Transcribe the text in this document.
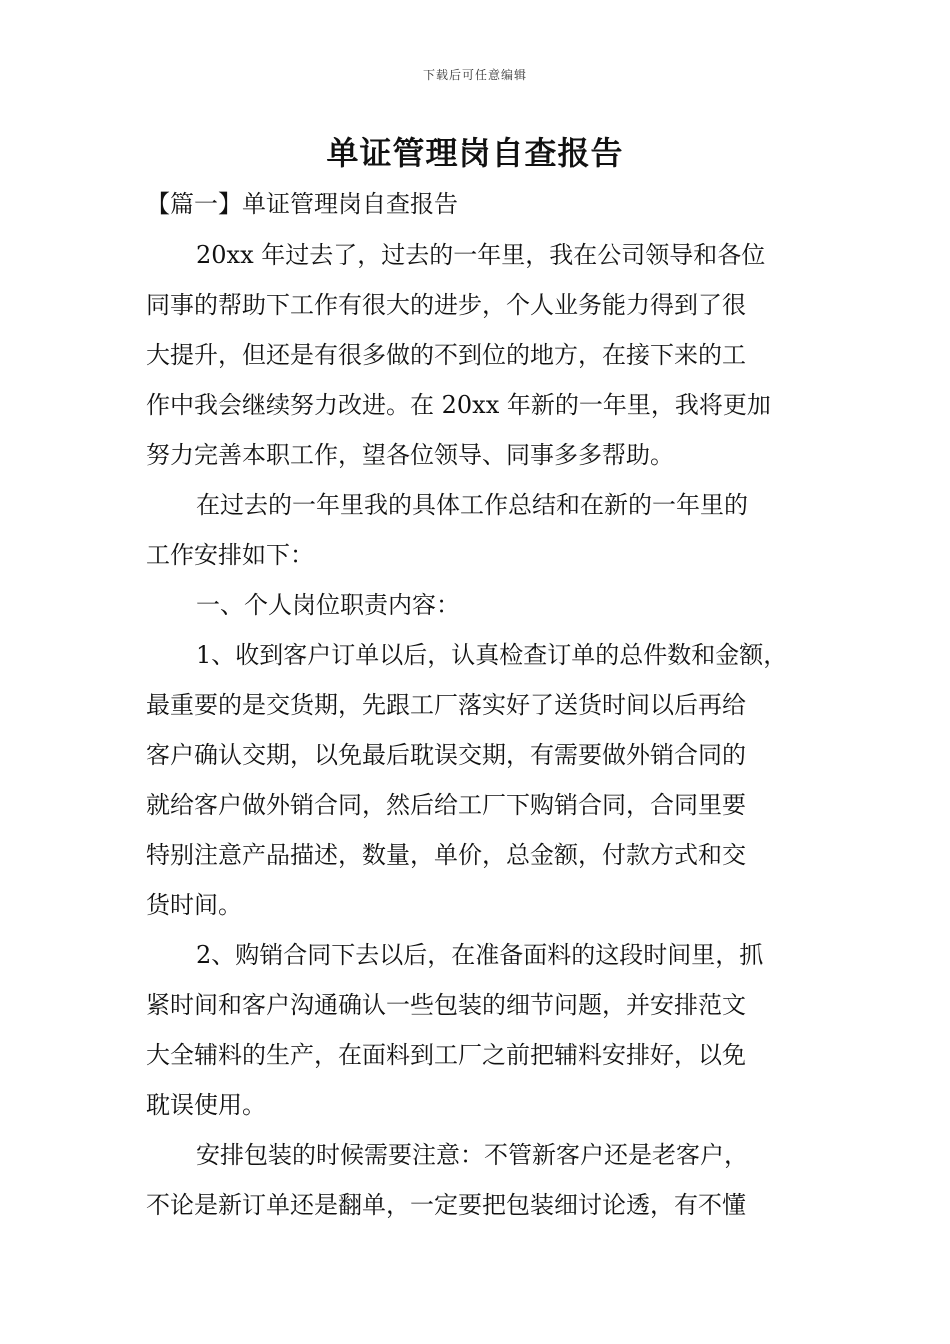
下载后可任意编辑
单证管理岗自查报告
【篇一】单证管理岗自查报告

20xx 年过去了，过去的一年里，我在公司领导和各位

同事的帮助下工作有很大的进步，个人业务能力得到了很

大提升，但还是有很多做的不到位的地方，在接下来的工

作中我会继续努力改进。在 20xx 年新的一年里，我将更加

努力完善本职工作，望各位领导、同事多多帮助。

在过去的一年里我的具体工作总结和在新的一年里的

工作安排如下：

一、个人岗位职责内容：

1、收到客户订单以后，认真检查订单的总件数和金额，

最重要的是交货期，先跟工厂落实好了送货时间以后再给

客户确认交期，以免最后耽误交期，有需要做外销合同的

就给客户做外销合同，然后给工厂下购销合同，合同里要

特别注意产品描述，数量，单价，总金额，付款方式和交

货时间。

2、购销合同下去以后，在准备面料的这段时间里，抓

紧时间和客户沟通确认一些包装的细节问题，并安排范文

大全辅料的生产，在面料到工厂之前把辅料安排好，以免

耽误使用。

安排包装的时候需要注意：不管新客户还是老客户，

不论是新订单还是翻单，一定要把包装细讨论透，有不懂
